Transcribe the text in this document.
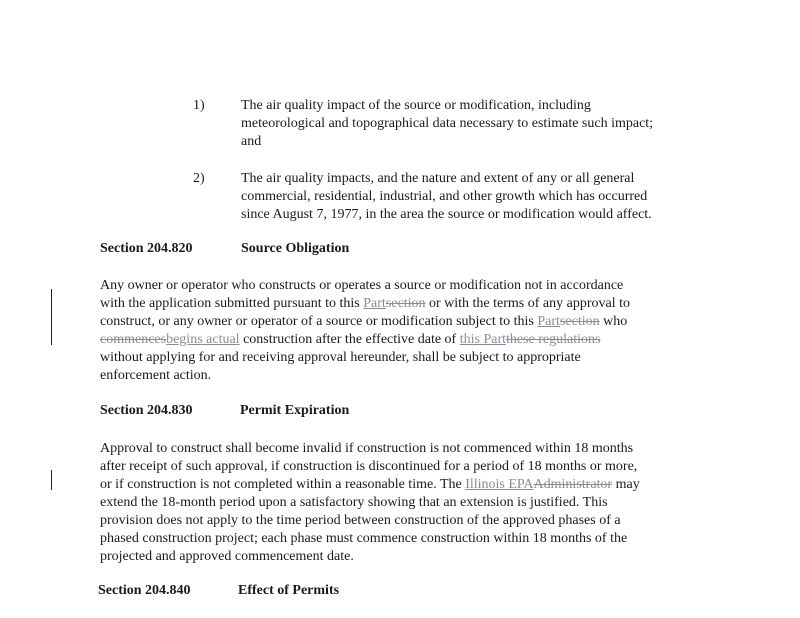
1)	The air quality impact of the source or modification, including
meteorological and topographical data necessary to estimate such impact;
and
2)	The air quality impacts, and the nature and extent of any or all general
commercial, residential, industrial, and other growth which has occurred
since August 7, 1977, in the area the source or modification would affect.
Section 204.820	Source Obligation
Any owner or operator who constructs or operates a source or modification not in accordance
with the application submitted pursuant to this Partsection or with the terms of any approval to
construct, or any owner or operator of a source or modification subject to this Partsection who
commencesbegins actual construction after the effective date of this Partthese regulations
without applying for and receiving approval hereunder, shall be subject to appropriate
enforcement action.
Section 204.830	Permit Expiration
Approval to construct shall become invalid if construction is not commenced within 18 months
after receipt of such approval, if construction is discontinued for a period of 18 months or more,
or if construction is not completed within a reasonable time. The Illinois EPAAdministrator may
extend the 18-month period upon a satisfactory showing that an extension is justified. This
provision does not apply to the time period between construction of the approved phases of a
phased construction project; each phase must commence construction within 18 months of the
projected and approved commencement date.
Section 204.840	Effect of Permits
